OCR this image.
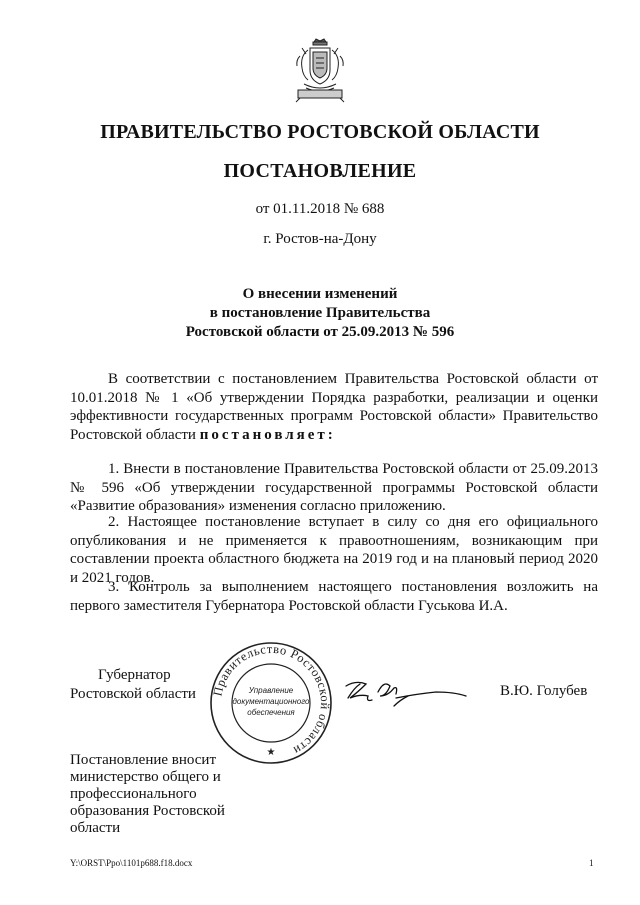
ПРАВИТЕЛЬСТВО РОСТОВСКОЙ ОБЛАСТИ
ПОСТАНОВЛЕНИЕ
от 01.11.2018 № 688
г. Ростов-на-Дону
О внесении изменений
в постановление Правительства
Ростовской области от 25.09.2013 № 596
В соответствии с постановлением Правительства Ростовской области от 10.01.2018 № 1 «Об утверждении Порядка разработки, реализации и оценки эффективности государственных программ Ростовской области» Правительство Ростовской области постановляет:
1. Внести в постановление Правительства Ростовской области от 25.09.2013 № 596 «Об утверждении государственной программы Ростовской области «Развитие образования» изменения согласно приложению.
2. Настоящее постановление вступает в силу со дня его официального опубликования и не применяется к правоотношениям, возникающим при составлении проекта областного бюджета на 2019 год и на плановый период 2020 и 2021 годов.
3. Контроль за выполнением настоящего постановления возложить на первого заместителя Губернатора Ростовской области Гуськова И.А.
Губернатор
Ростовской области	Правительство Ростовской области
★
Управление
документационного
обеспечения
В.Ю. Голубев
Постановление вносит министерство общего и профессионального образования Ростовской области
Y:\ORST\Ppo\1101p688.f18.docx	1
